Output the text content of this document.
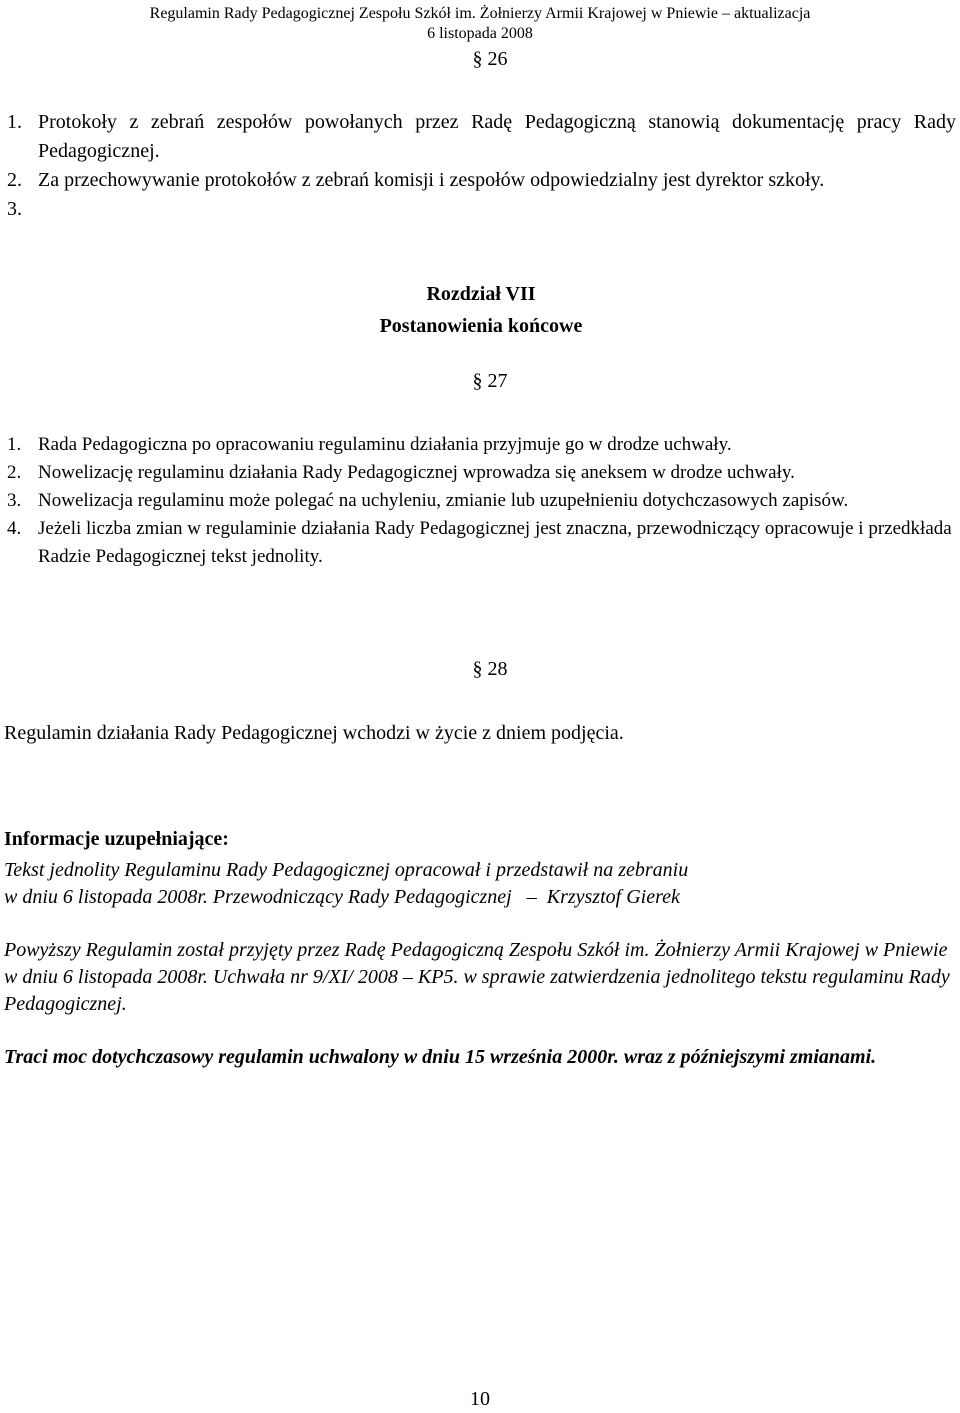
Regulamin Rady Pedagogicznej Zespołu Szkół im. Żołnierzy Armii Krajowej w Pniewie – aktualizacja
6 listopada 2008
§ 26
1. Protokoły z zebrań zespołów powołanych przez Radę Pedagogiczną stanowią dokumentację pracy Rady Pedagogicznej.
2. Za przechowywanie protokołów z zebrań komisji i zespołów odpowiedzialny jest dyrektor szkoły.
3.

Rozdział VII
Postanowienia końcowe
§ 27
1. Rada Pedagogiczna po opracowaniu regulaminu działania przyjmuje go w drodze uchwały.
2. Nowelizację regulaminu działania Rady Pedagogicznej wprowadza się aneksem w drodze uchwały.
3. Nowelizacja regulaminu może polegać na uchyleniu, zmianie lub uzupełnieniu dotychczasowych zapisów.
4. Jeżeli liczba zmian w regulaminie działania Rady Pedagogicznej jest znaczna, przewodniczący opracowuje i przedkłada Radzie Pedagogicznej tekst jednolity.
§ 28
Regulamin działania Rady Pedagogicznej wchodzi w życie z dniem podjęcia.
Informacje uzupełniające:
Tekst jednolity Regulaminu Rady Pedagogicznej opracował i przedstawił na zebraniu
w dniu 6 listopada 2008r. Przewodniczący Rady Pedagogicznej   –  Krzysztof Gierek
Powyższy Regulamin został przyjęty przez Radę Pedagogiczną Zespołu Szkół im. Żołnierzy Armii Krajowej w Pniewie w dniu 6 listopada 2008r. Uchwała nr 9/XI/ 2008 – KP5. w sprawie zatwierdzenia jednolitego tekstu regulaminu Rady Pedagogicznej.
Traci moc dotychczasowy regulamin uchwalony w dniu 15 września 2000r. wraz z późniejszymi zmianami.
10
